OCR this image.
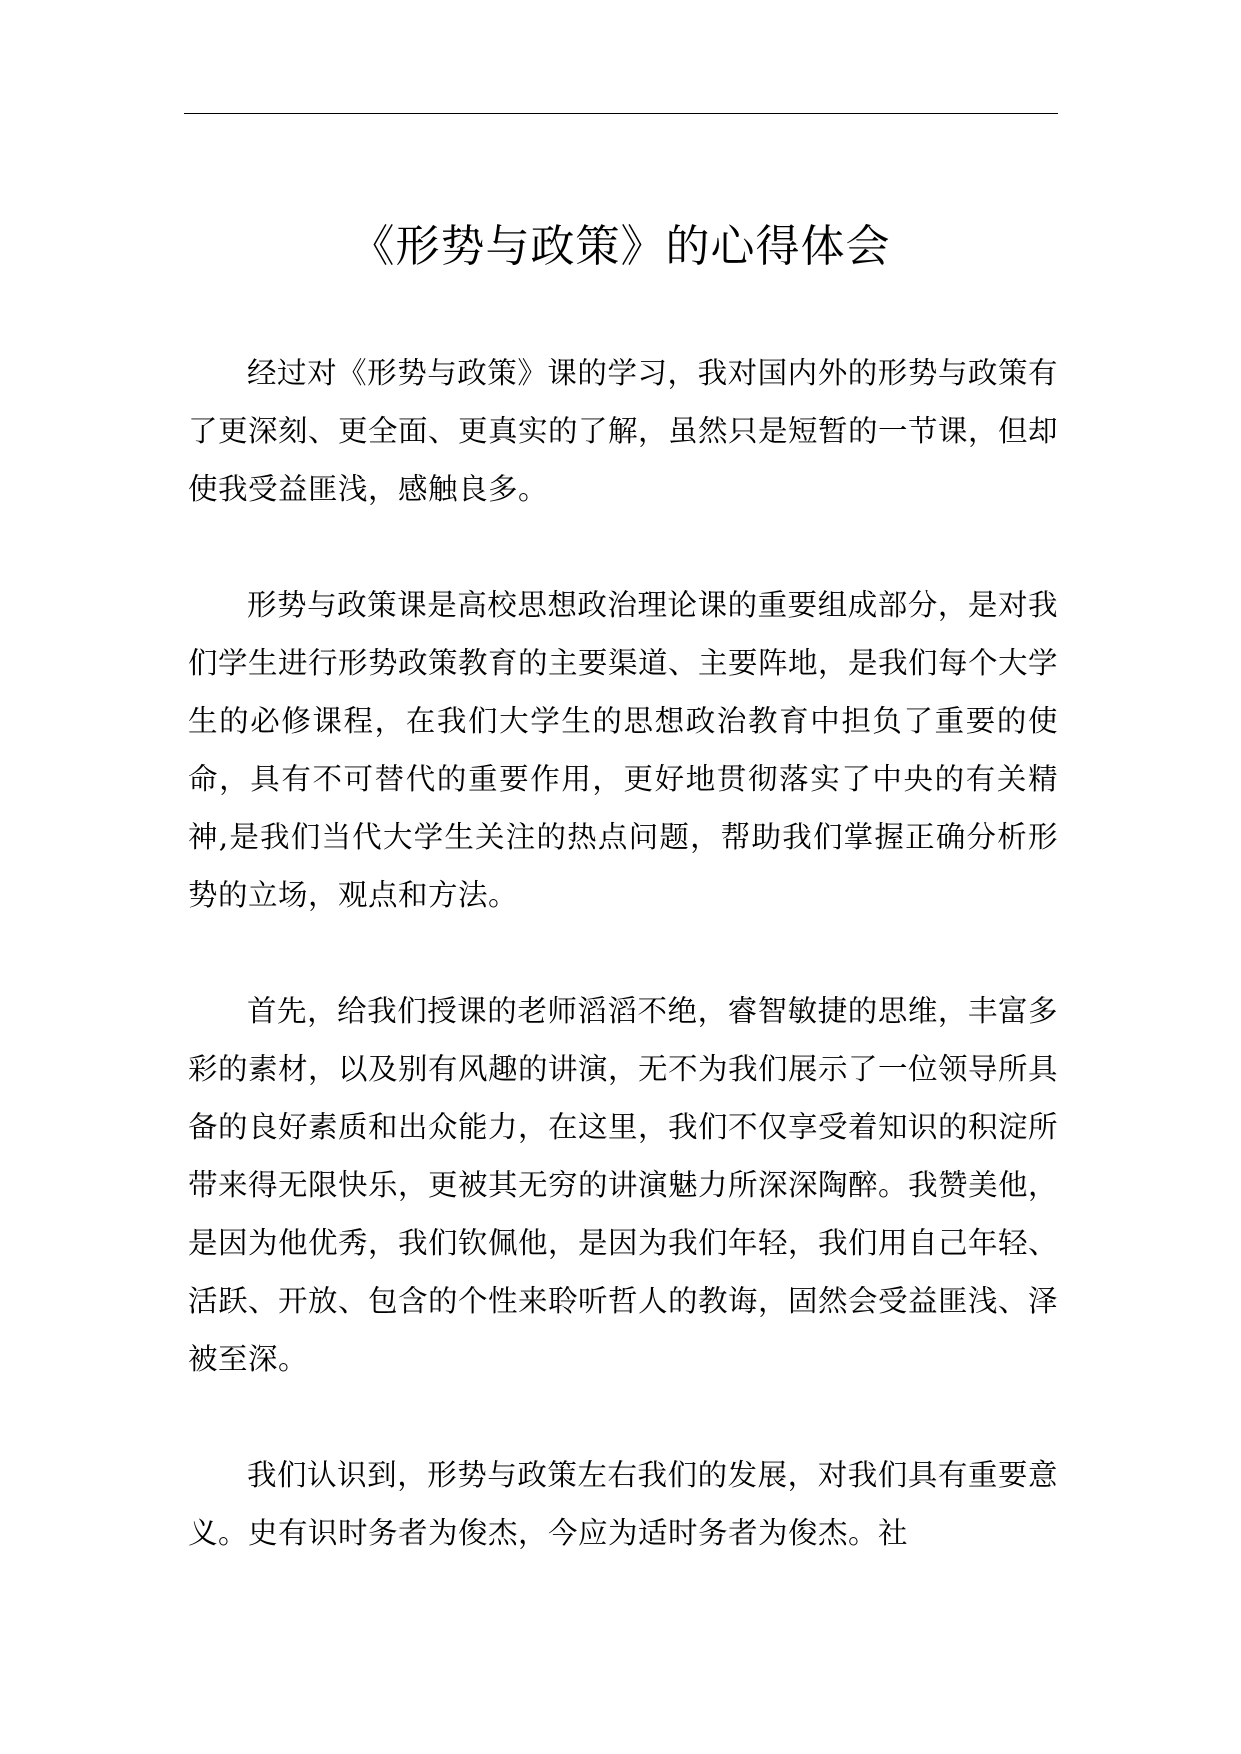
《形势与政策》的心得体会

经过对《形势与政策》课的学习，我对国内外的形势与政策有了更深刻、更全面、更真实的了解，虽然只是短暂的一节课，但却使我受益匪浅，感触良多。

形势与政策课是高校思想政治理论课的重要组成部分，是对我们学生进行形势政策教育的主要渠道、主要阵地，是我们每个大学生的必修课程，在我们大学生的思想政治教育中担负了重要的使命，具有不可替代的重要作用，更好地贯彻落实了中央的有关精神,是我们当代大学生关注的热点问题，帮助我们掌握正确分析形势的立场，观点和方法。

首先，给我们授课的老师滔滔不绝，睿智敏捷的思维，丰富多彩的素材，以及别有风趣的讲演，无不为我们展示了一位领导所具备的良好素质和出众能力，在这里，我们不仅享受着知识的积淀所带来得无限快乐，更被其无穷的讲演魅力所深深陶醉。我赞美他，是因为他优秀，我们钦佩他，是因为我们年轻，我们用自己年轻、活跃、开放、包含的个性来聆听哲人的教诲，固然会受益匪浅、泽被至深。

我们认识到，形势与政策左右我们的发展，对我们具有重要意义。史有识时务者为俊杰，今应为适时务者为俊杰。社
